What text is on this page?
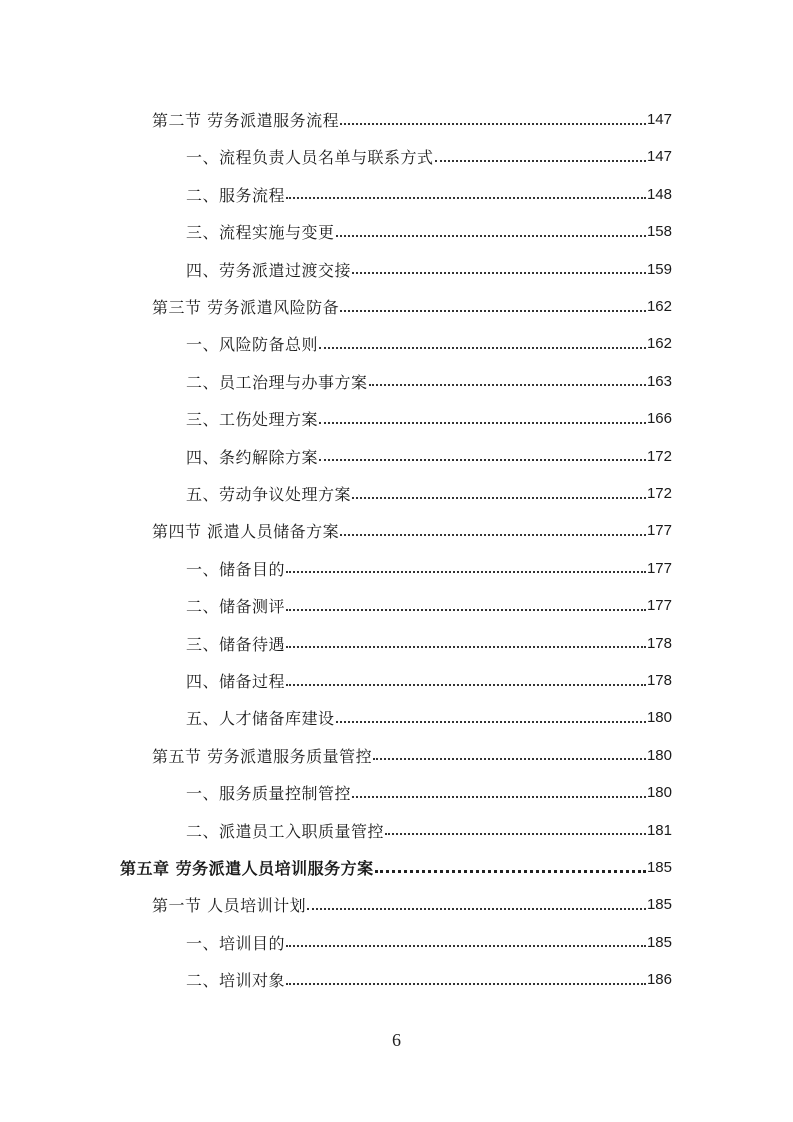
第二节 劳务派遣服务流程	147
一、流程负责人员名单与联系方式	147
二、服务流程	148
三、流程实施与变更	158
四、劳务派遣过渡交接	159
第三节 劳务派遣风险防备	162
一、风险防备总则	162
二、员工治理与办事方案	163
三、工伤处理方案	166
四、条约解除方案	172
五、劳动争议处理方案	172
第四节 派遣人员储备方案	177
一、储备目的	177
二、储备测评	177
三、储备待遇	178
四、储备过程	178
五、人才储备库建设	180
第五节 劳务派遣服务质量管控	180
一、服务质量控制管控	180
二、派遣员工入职质量管控	181
第五章 劳务派遣人员培训服务方案	185
第一节 人员培训计划	185
一、培训目的	185
二、培训对象	186
6
